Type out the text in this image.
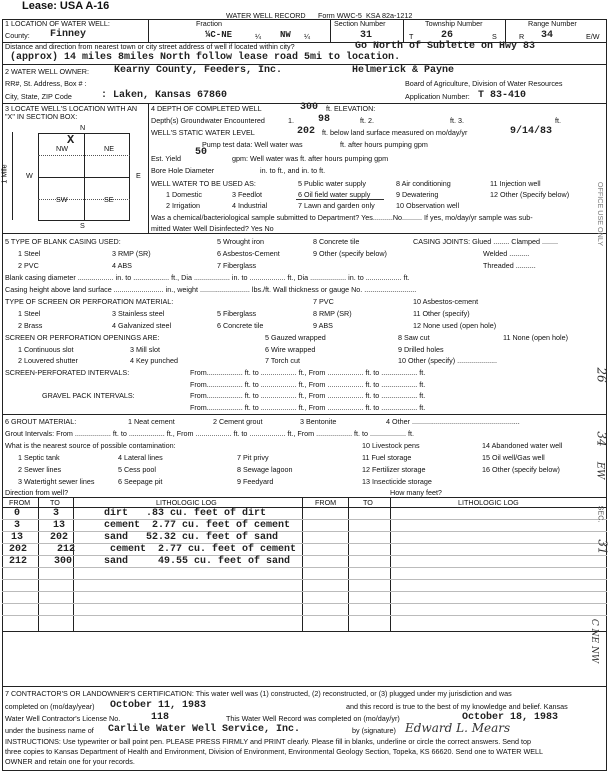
Lease: USA A-16
WATER WELL RECORD Form WWC-5 KSA 82a-1212
1 LOCATION OF WATER WELL:
County: Finney
Fraction
¼C-NE	¼ NW ¼
Section Number
31
Township Number
T	26	S
Range Number
R 34	E/W
Distance and direction from nearest town or city street address of well if located within city?	Go North of Sublette on Hwy 83
(approx) 14 miles 8miles North follow lease road 5mi to location.
2 WATER WELL OWNER:	Kearny County, Feeders, Inc.	Helmerick & Payne
RR#, St. Address, Box # :	Board of Agriculture, Division of Water Resources
City, State, ZIP Code	: Laken, Kansas 67860	Application Number: T 83-410
3 LOCATE WELL'S LOCATION WITH AN "X" IN SECTION BOX:
N
S
W	E
1 Mile
NW	NE
SW	SE
X
4 DEPTH OF COMPLETED WELL	300 ft. ELEVATION:
Depth(s) Groundwater Encountered	1. 98	ft. 2.	ft. 3.	ft.
WELL'S STATIC WATER LEVEL	202 ft. below land surface measured on mo/day/yr	9/14/83
Pump test data: Well water was	ft. after hours pumping gpm
50
Est. Yield	gpm: Well water was ft. after hours pumping gpm
Bore Hole Diameter	in. to ft., and in. to ft.
WELL WATER TO BE USED AS:	5 Public water supply	8 Air conditioning	11 Injection well
1 Domestic	3 Feedlot	6 Oil field water supply	9 Dewatering	12 Other (Specify below)
2 Irrigation	4 Industrial	7 Lawn and garden only	10 Observation well
Was a chemical/bacteriological sample submitted to Department? Yes..........No.......... If yes, mo/day/yr sample was sub-
mitted Water Well Disinfected? Yes No
5 TYPE OF BLANK CASING USED:	5 Wrought iron	8 Concrete tile	CASING JOINTS: Glued ........ Clamped ........
1 Steel	3 RMP (SR)	6 Asbestos-Cement	9 Other (specify below)	Welded ..........
2 PVC	4 ABS	7 Fiberglass	Threaded ..........
Blank casing diameter .................. in. to .................. ft., Dia .................. in. to .................. ft., Dia .................. in. to .................. ft.
Casing height above land surface ......................... in., weight ......................... lbs./ft. Wall thickness or gauge No. ..........................
TYPE OF SCREEN OR PERFORATION MATERIAL:	7 PVC	10 Asbestos-cement
1 Steel	3 Stainless steel	5 Fiberglass	8 RMP (SR)	11 Other (specify)
2 Brass	4 Galvanized steel	6 Concrete tile	9 ABS	12 None used (open hole)
SCREEN OR PERFORATION OPENINGS ARE:	5 Gauzed wrapped	8 Saw cut	11 None (open hole)
1 Continuous slot	3 Mill slot	6 Wire wrapped	9 Drilled holes
2 Louvered shutter	4 Key punched	7 Torch cut	10 Other (specify) ....................
SCREEN-PERFORATED INTERVALS:	From.................. ft. to .................. ft., From .................. ft. to .................. ft.
From.................. ft. to .................. ft., From .................. ft. to .................. ft.
GRAVEL PACK INTERVALS:	From.................. ft. to .................. ft., From .................. ft. to .................. ft.
From.................. ft. to .................. ft., From .................. ft. to .................. ft.
6 GROUT MATERIAL:	1 Neat cement	2 Cement grout	3 Bentonite	4 Other ......................................................
Grout Intervals: From .................. ft. to .................. ft., From .................. ft. to .................. ft., From .................. ft. to .................. ft.
What is the nearest source of possible contamination:	10 Livestock pens	14 Abandoned water well
1 Septic tank	4 Lateral lines	7 Pit privy	11 Fuel storage	15 Oil well/Gas well
2 Sewer lines	5 Cess pool	8 Sewage lagoon	12 Fertilizer storage	16 Other (specify below)
3 Watertight sewer lines	6 Seepage pit	9 Feedyard	13 Insecticide storage
Direction from well?	How many feet?
FROM	TO	LITHOLOGIC LOG	FROM	TO	LITHOLOGIC LOG
0	3	dirt   .83 cu. feet of dirt
3	13	cement  2.77 cu. feet of cement
13	202	sand   52.32 cu. feet of sand
202	212	cement  2.77 cu. feet of cement
212	300	sand     49.55 cu. feet of sand
7 CONTRACTOR'S OR LANDOWNER'S CERTIFICATION: This water well was (1) constructed, (2) reconstructed, or (3) plugged under my jurisdiction and was
completed on (mo/day/year) October 11, 1983	and this record is true to the best of my knowledge and belief. Kansas
Water Well Contractor's License No.	118	This Water Well Record was completed on (mo/day/yr)	October 18, 1983
under the business name of Carlile Water Well Service, Inc.	by (signature) Edward L. Mears
INSTRUCTIONS: Use typewriter or ball point pen. PLEASE PRESS FIRMLY and PRINT clearly. Please fill in blanks, underline or circle the correct answers. Send top
three copies to Kansas Department of Health and Environment, Division of Environment, Environmental Geology Section, Topeka, KS 66620. Send one to WATER WELL
OWNER and retain one for your records.
OFFICE USE ONLY
26
34
EW
SEC.
31
C NE NW
